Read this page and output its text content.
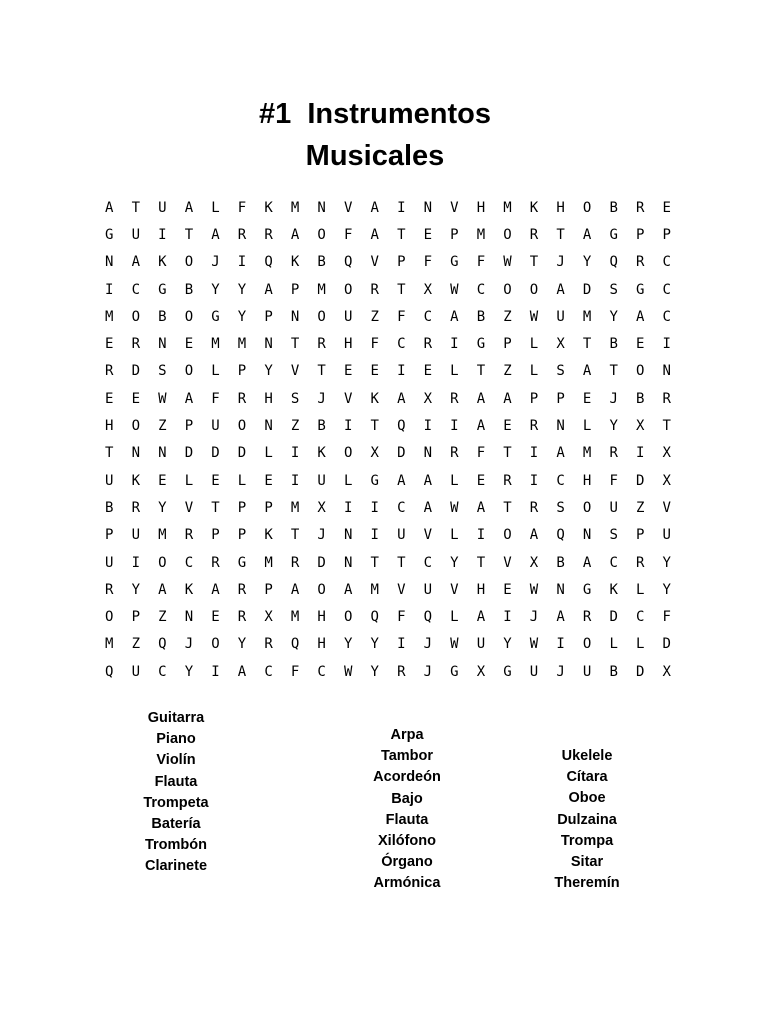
#1  Instrumentos
Musicales
A	T	U	A	L	F	K	M	N	V	A	I	N	V	H	M	K	H	O	B	R	E
G	U	I	T	A	R	R	A	O	F	A	T	E	P	M	O	R	T	A	G	P	P
N	A	K	O	J	I	Q	K	B	Q	V	P	F	G	F	W	T	J	Y	Q	R	C
I	C	G	B	Y	Y	A	P	M	O	R	T	X	W	C	O	O	A	D	S	G	C
M	O	B	O	G	Y	P	N	O	U	Z	F	C	A	B	Z	W	U	M	Y	A	C
E	R	N	E	M	M	N	T	R	H	F	C	R	I	G	P	L	X	T	B	E	I
R	D	S	O	L	P	Y	V	T	E	E	I	E	L	T	Z	L	S	A	T	O	N
E	E	W	A	F	R	H	S	J	V	K	A	X	R	A	A	P	P	E	J	B	R
H	O	Z	P	U	O	N	Z	B	I	T	Q	I	I	A	E	R	N	L	Y	X	T
T	N	N	D	D	D	L	I	K	O	X	D	N	R	F	T	I	A	M	R	I	X
U	K	E	L	E	L	E	I	U	L	G	A	A	L	E	R	I	C	H	F	D	X
B	R	Y	V	T	P	P	M	X	I	I	C	A	W	A	T	R	S	O	U	Z	V
P	U	M	R	P	P	K	T	J	N	I	U	V	L	I	O	A	Q	N	S	P	U
U	I	O	C	R	G	M	R	D	N	T	T	C	Y	T	V	X	B	A	C	R	Y
R	Y	A	K	A	R	P	A	O	A	M	V	U	V	H	E	W	N	G	K	L	Y
O	P	Z	N	E	R	X	M	H	O	Q	F	Q	L	A	I	J	A	R	D	C	F
M	Z	Q	J	O	Y	R	Q	H	Y	Y	I	J	W	U	Y	W	I	O	L	L	D
Q	U	C	Y	I	A	C	F	C	W	Y	R	J	G	X	G	U	J	U	B	D	X
Guitarra
Piano
Violín
Flauta
Trompeta
Batería
Trombón
Clarinete
Arpa
Tambor
Acordeón
Bajo
Flauta
Xilófono
Órgano
Armónica
Ukelele
Cítara
Oboe
Dulzaina
Trompa
Sitar
Theremín
